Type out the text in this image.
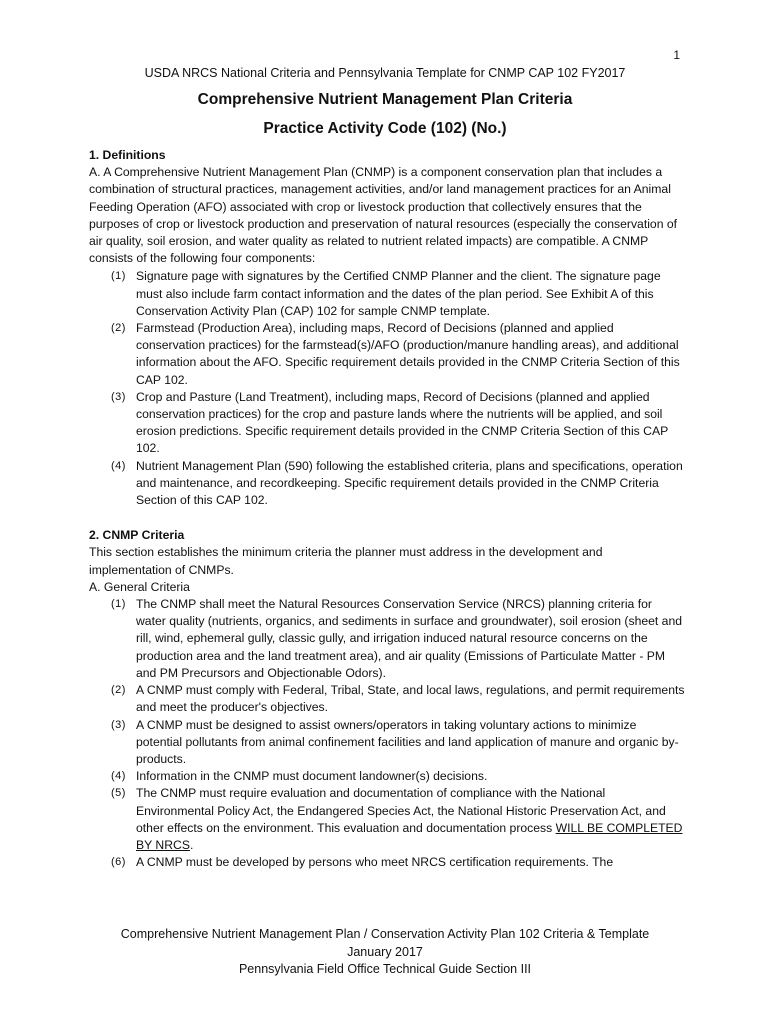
1
USDA NRCS National Criteria and Pennsylvania Template for CNMP CAP 102 FY2017
Comprehensive Nutrient Management Plan Criteria
Practice Activity Code (102) (No.)

1. Definitions

A. A Comprehensive Nutrient Management Plan (CNMP) is a component conservation plan that includes a combination of structural practices, management activities, and/or land management practices for an Animal Feeding Operation (AFO) associated with crop or livestock production that collectively ensures that the purposes of crop or livestock production and preservation of natural resources (especially the conservation of air quality, soil erosion, and water quality as related to nutrient related impacts) are compatible. A CNMP consists of the following four components:

(1) Signature page with signatures by the Certified CNMP Planner and the client. The signature page must also include farm contact information and the dates of the plan period. See Exhibit A of this Conservation Activity Plan (CAP) 102 for sample CNMP template.
(2) Farmstead (Production Area), including maps, Record of Decisions (planned and applied conservation practices) for the farmstead(s)/AFO (production/manure handling areas), and additional information about the AFO. Specific requirement details provided in the CNMP Criteria Section of this CAP 102.
(3) Crop and Pasture (Land Treatment), including maps, Record of Decisions (planned and applied conservation practices) for the crop and pasture lands where the nutrients will be applied, and soil erosion predictions. Specific requirement details provided in the CNMP Criteria Section of this CAP 102.
(4) Nutrient Management Plan (590) following the established criteria, plans and specifications, operation and maintenance, and recordkeeping. Specific requirement details provided in the CNMP Criteria Section of this CAP 102.

2. CNMP Criteria

This section establishes the minimum criteria the planner must address in the development and implementation of CNMPs.

A. General Criteria

(1) The CNMP shall meet the Natural Resources Conservation Service (NRCS) planning criteria for water quality (nutrients, organics, and sediments in surface and groundwater), soil erosion (sheet and rill, wind, ephemeral gully, classic gully, and irrigation induced natural resource concerns on the production area and the land treatment area), and air quality (Emissions of Particulate Matter - PM and PM Precursors and Objectionable Odors).
(2) A CNMP must comply with Federal, Tribal, State, and local laws, regulations, and permit requirements and meet the producer's objectives.
(3) A CNMP must be designed to assist owners/operators in taking voluntary actions to minimize potential pollutants from animal confinement facilities and land application of manure and organic by-products.
(4) Information in the CNMP must document landowner(s) decisions.
(5) The CNMP must require evaluation and documentation of compliance with the National Environmental Policy Act, the Endangered Species Act, the National Historic Preservation Act, and other effects on the environment. This evaluation and documentation process WILL BE COMPLETED BY NRCS.
(6) A CNMP must be developed by persons who meet NRCS certification requirements. The
Comprehensive Nutrient Management Plan / Conservation Activity Plan 102 Criteria & Template
January 2017
Pennsylvania Field Office Technical Guide Section III
